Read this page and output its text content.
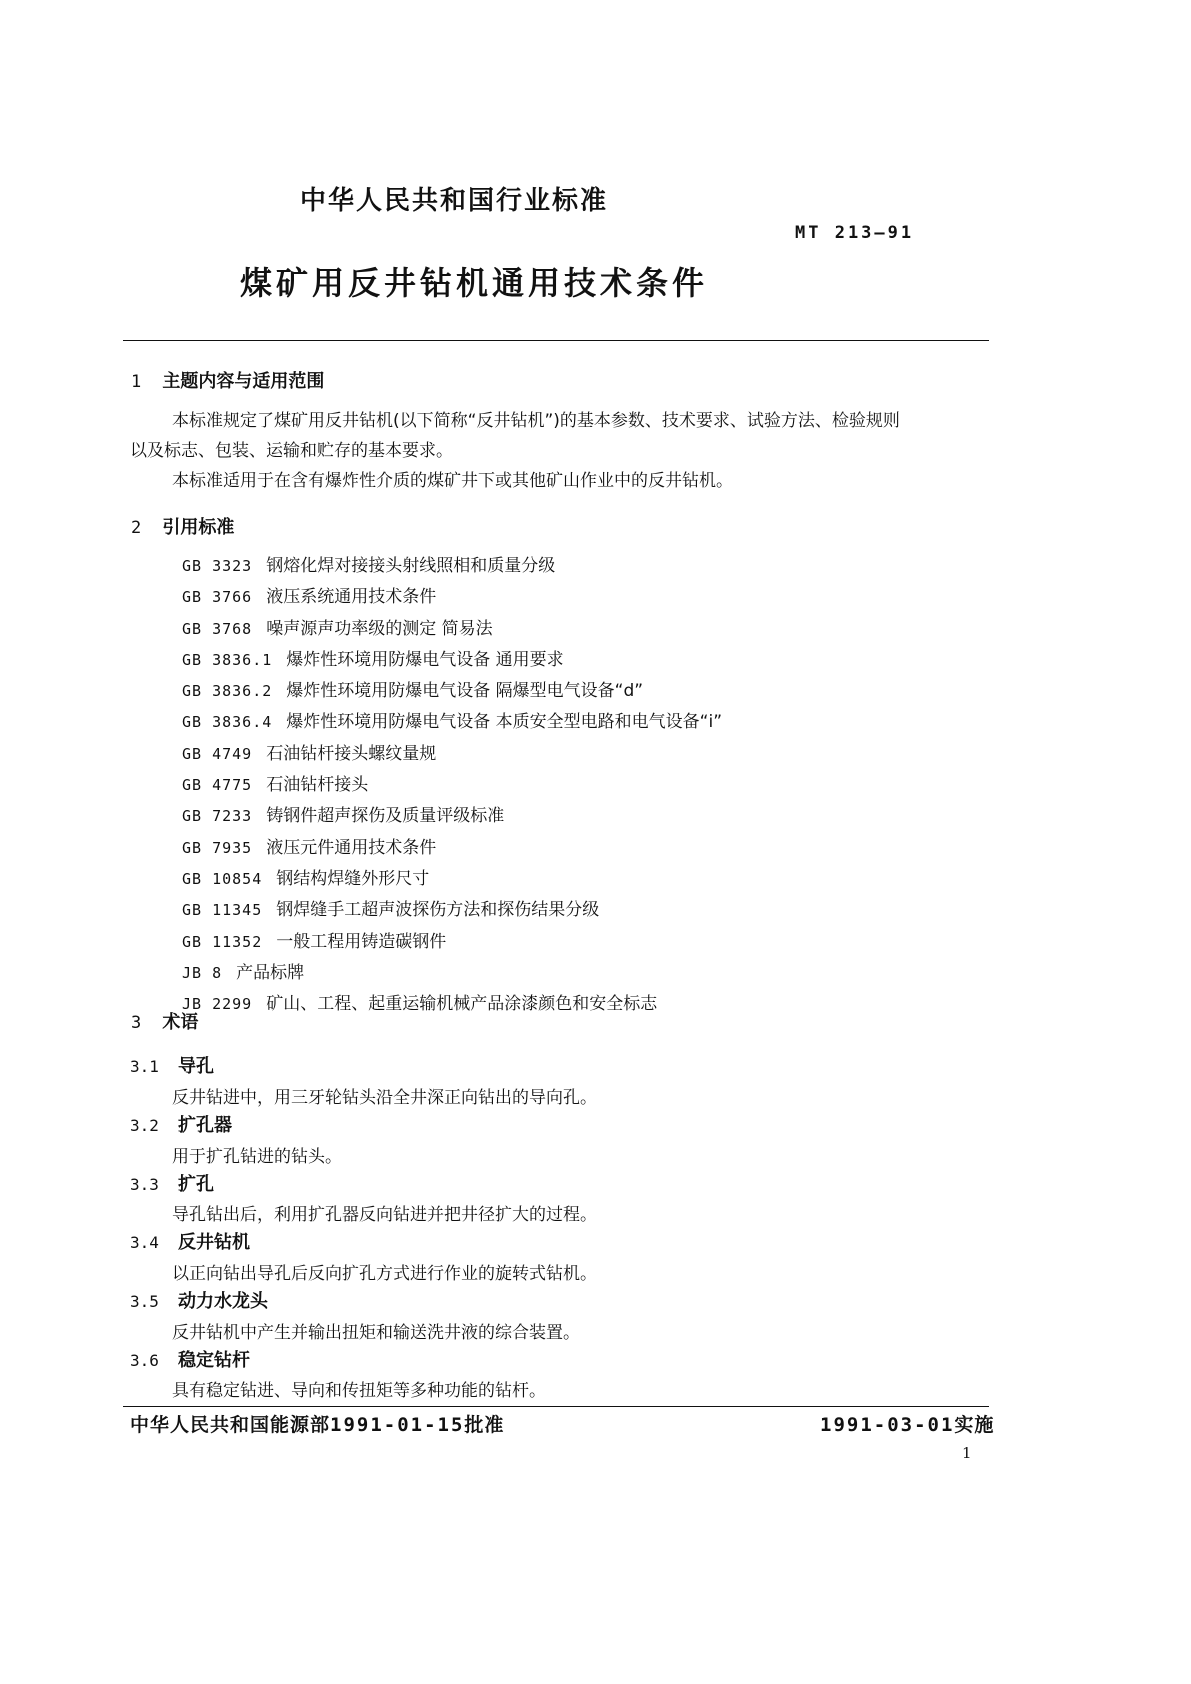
中华人民共和国行业标准
MT 213—91
煤矿用反井钻机通用技术条件
1 主题内容与适用范围
本标准规定了煤矿用反井钻机(以下简称“反井钻机”)的基本参数、技术要求、试验方法、检验规则
以及标志、包装、运输和贮存的基本要求。
本标准适用于在含有爆炸性介质的煤矿井下或其他矿山作业中的反井钻机。
2 引用标准
GB 3323 钢熔化焊对接接头射线照相和质量分级
GB 3766 液压系统通用技术条件
GB 3768 噪声源声功率级的测定 简易法
GB 3836.1 爆炸性环境用防爆电气设备 通用要求
GB 3836.2 爆炸性环境用防爆电气设备 隔爆型电气设备“d”
GB 3836.4 爆炸性环境用防爆电气设备 本质安全型电路和电气设备“i”
GB 4749 石油钻杆接头螺纹量规
GB 4775 石油钻杆接头
GB 7233 铸钢件超声探伤及质量评级标准
GB 7935 液压元件通用技术条件
GB 10854 钢结构焊缝外形尺寸
GB 11345 钢焊缝手工超声波探伤方法和探伤结果分级
GB 11352 一般工程用铸造碳钢件
JB 8 产品标牌
JB 2299 矿山、工程、起重运输机械产品涂漆颜色和安全标志
3 术语
3.1 导孔
反井钻进中，用三牙轮钻头沿全井深正向钻出的导向孔。
3.2 扩孔器
用于扩孔钻进的钻头。
3.3 扩孔
导孔钻出后，利用扩孔器反向钻进并把井径扩大的过程。
3.4 反井钻机
以正向钻出导孔后反向扩孔方式进行作业的旋转式钻机。
3.5 动力水龙头
反井钻机中产生并输出扭矩和输送洗井液的综合装置。
3.6 稳定钻杆
具有稳定钻进、导向和传扭矩等多种功能的钻杆。
中华人民共和国能源部1991-01-15批准	1991-03-01实施
1
